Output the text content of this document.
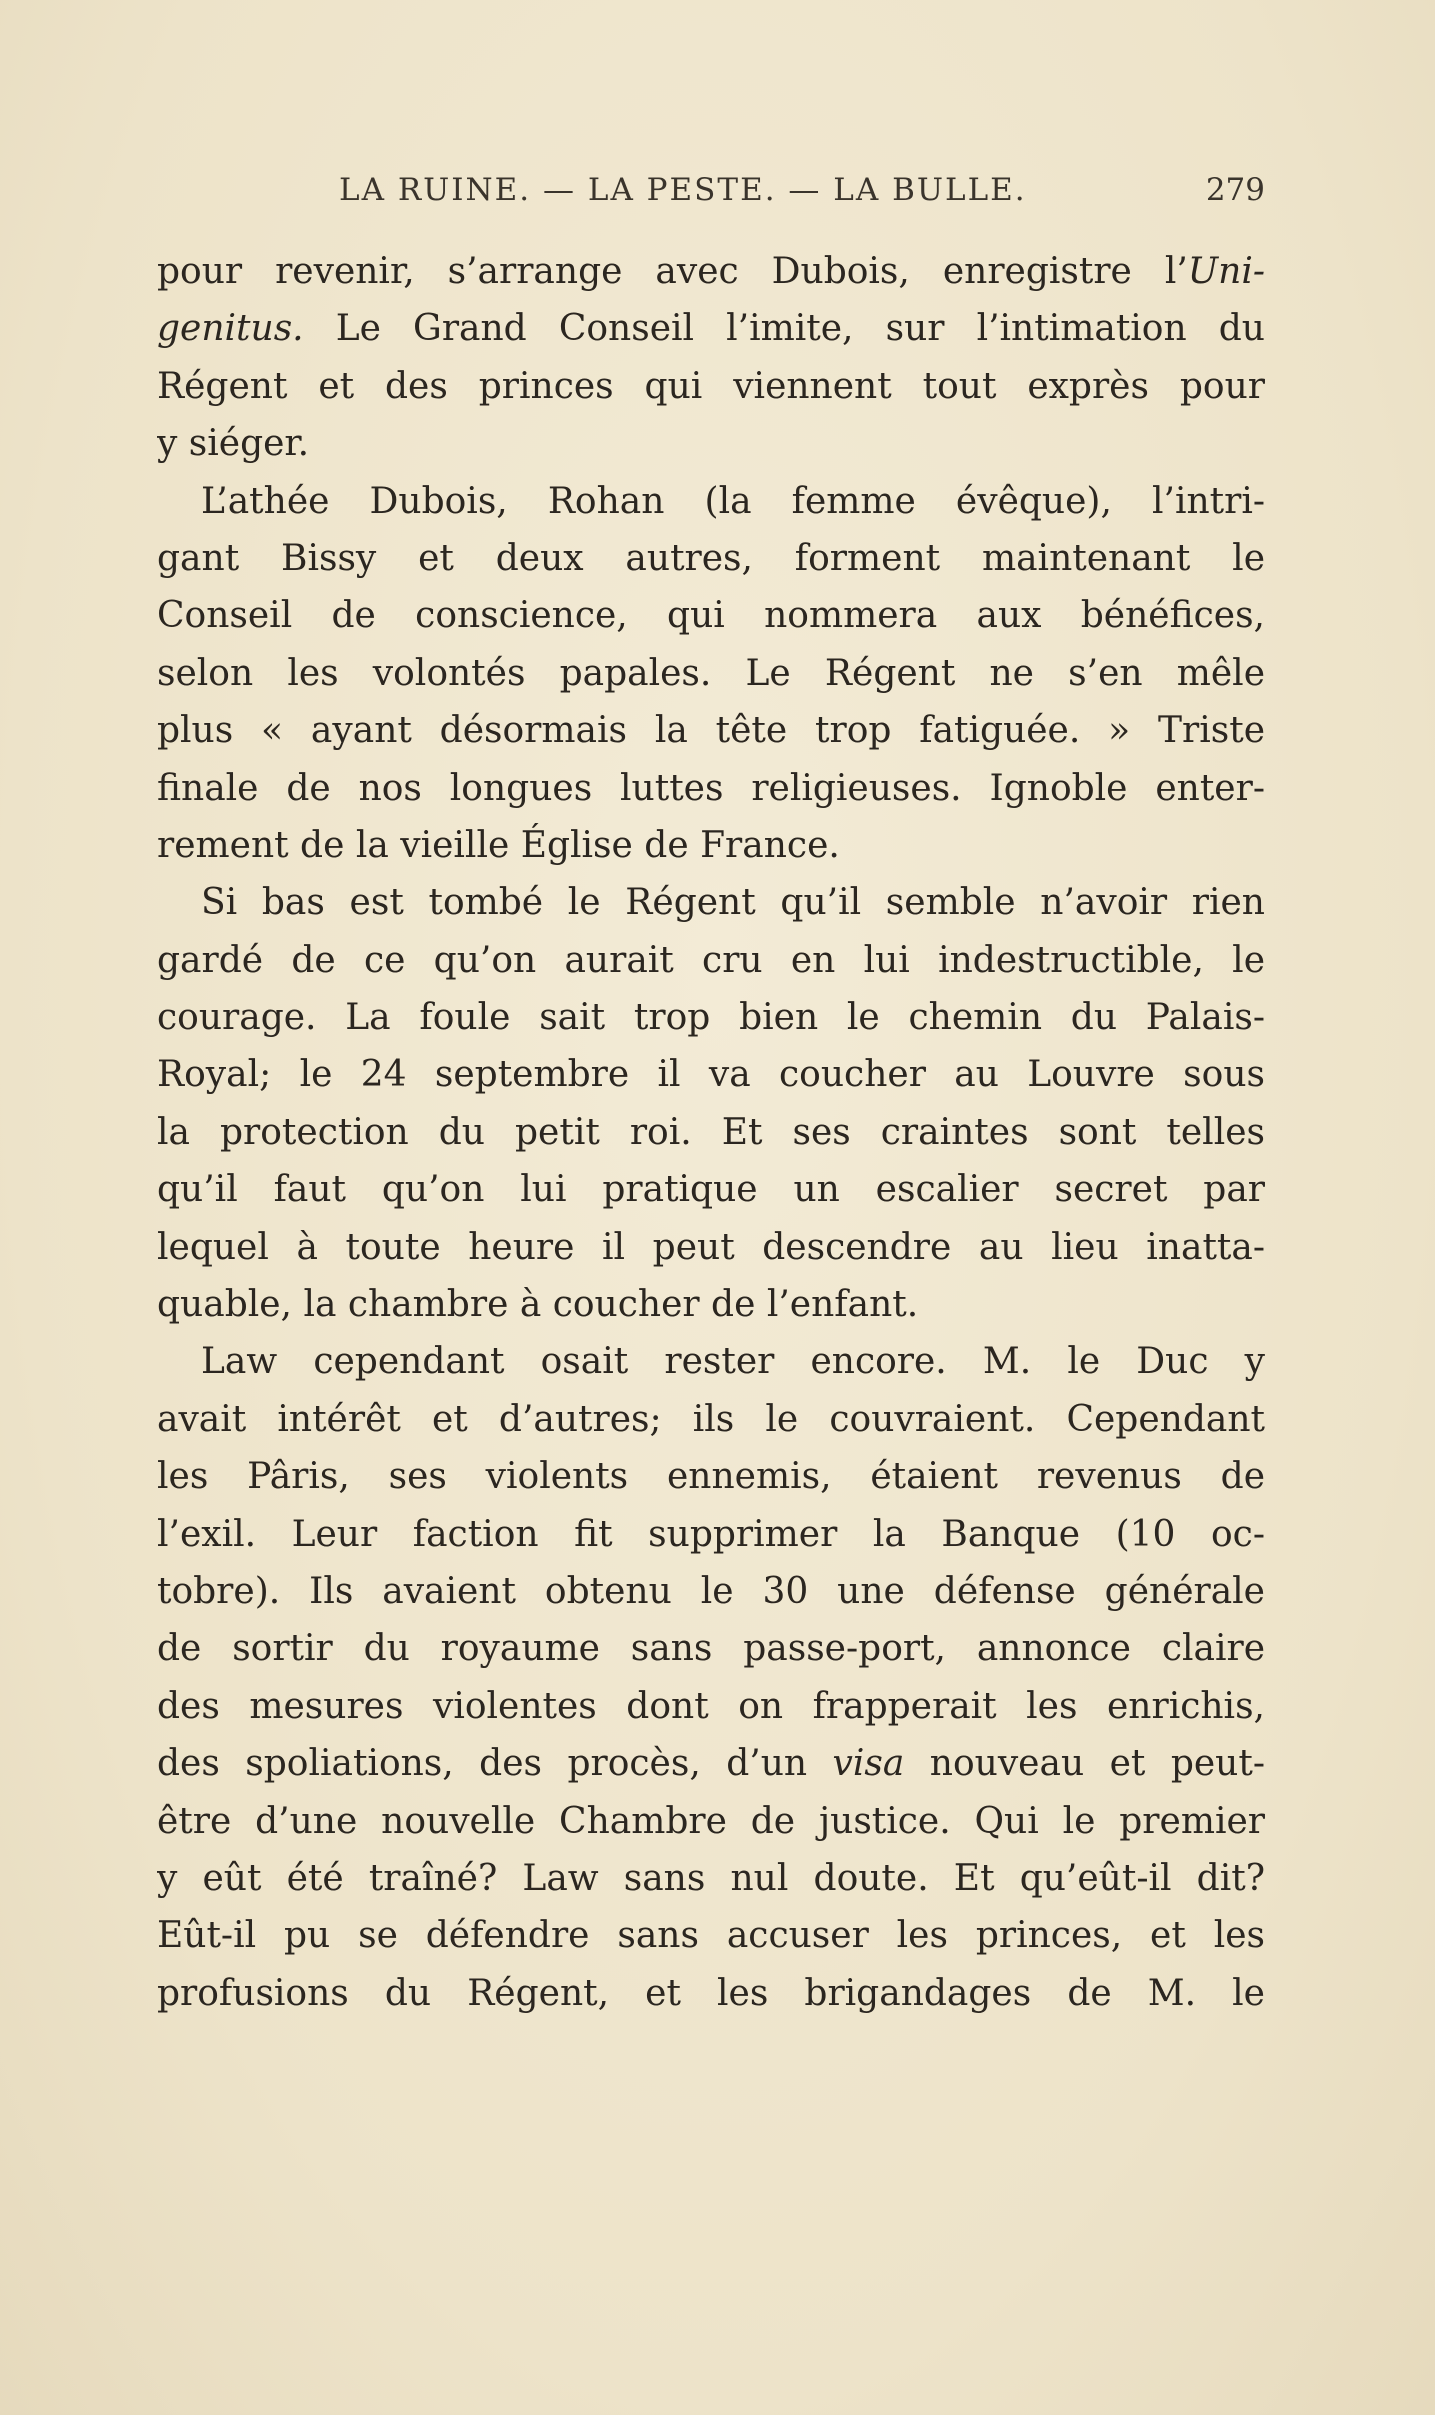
LA RUINE. — LA PESTE. — LA BULLE.	279
pour revenir, s’arrange avec Dubois, enregistre l’Uni-
genitus. Le Grand Conseil l’imite, sur l’intimation du
Régent et des princes qui viennent tout exprès pour
y siéger.
L’athée Dubois, Rohan (la femme évêque), l’intri-
gant Bissy et deux autres, forment maintenant le
Conseil de conscience, qui nommera aux bénéfices,
selon les volontés papales. Le Régent ne s’en mêle
plus « ayant désormais la tête trop fatiguée. » Triste
finale de nos longues luttes religieuses. Ignoble enter-
rement de la vieille Église de France.
Si bas est tombé le Régent qu’il semble n’avoir rien
gardé de ce qu’on aurait cru en lui indestructible, le
courage. La foule sait trop bien le chemin du Palais-
Royal; le 24 septembre il va coucher au Louvre sous
la protection du petit roi. Et ses craintes sont telles
qu’il faut qu’on lui pratique un escalier secret par
lequel à toute heure il peut descendre au lieu inatta-
quable, la chambre à coucher de l’enfant.
Law cependant osait rester encore. M. le Duc y
avait intérêt et d’autres; ils le couvraient. Cependant
les Pâris, ses violents ennemis, étaient revenus de
l’exil. Leur faction fit supprimer la Banque (10 oc-
tobre). Ils avaient obtenu le 30 une défense générale
de sortir du royaume sans passe-port, annonce claire
des mesures violentes dont on frapperait les enrichis,
des spoliations, des procès, d’un visa nouveau et peut-
être d’une nouvelle Chambre de justice. Qui le premier
y eût été traîné? Law sans nul doute. Et qu’eût-il dit?
Eût-il pu se défendre sans accuser les princes, et les
profusions du Régent, et les brigandages de M. le
